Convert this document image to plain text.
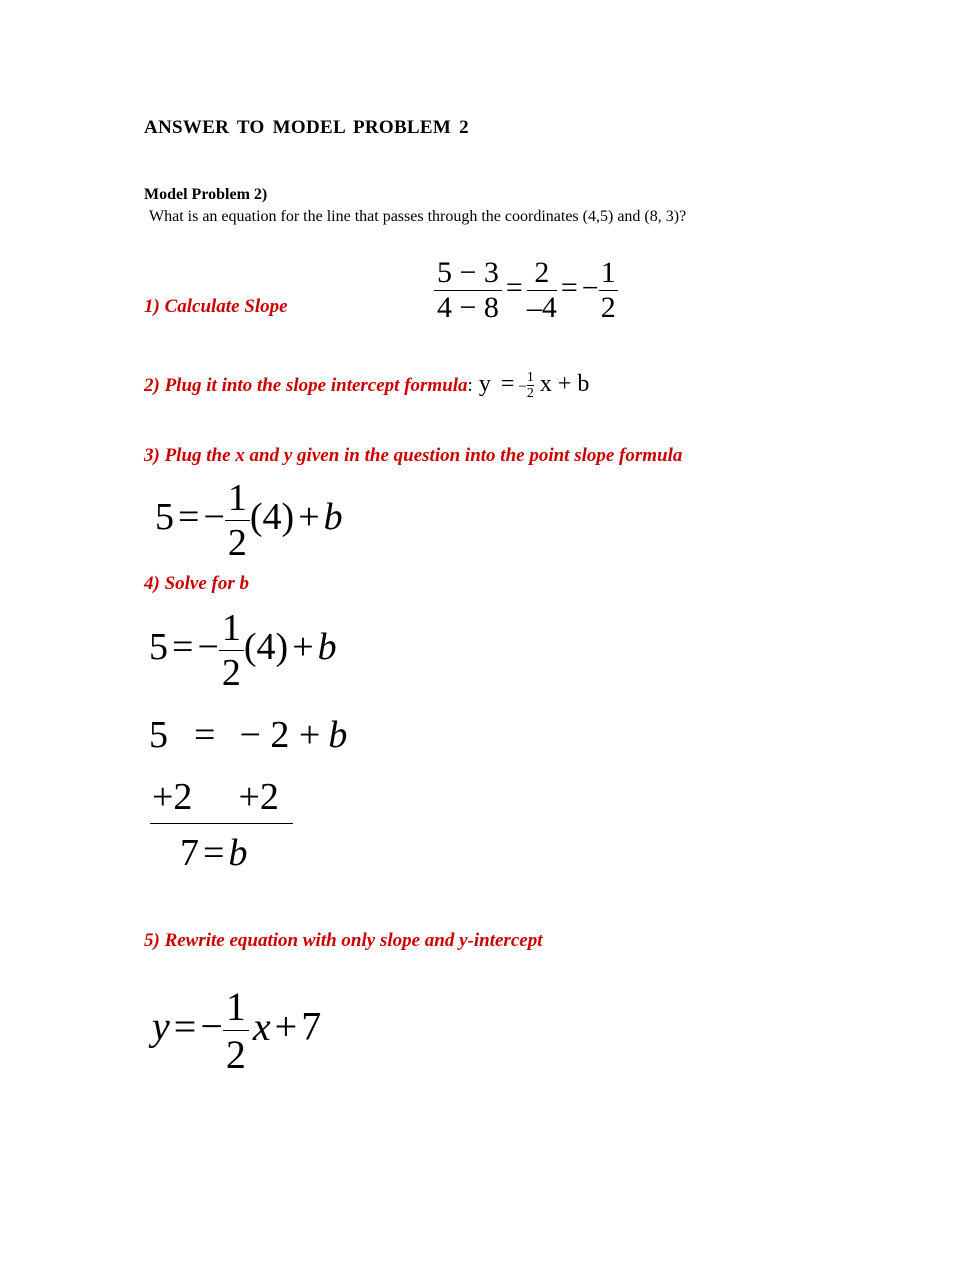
ANSWER TO MODEL PROBLEM 2
Model Problem 2)
What is an equation for the line that passes through the coordinates (4,5) and (8, 3)?
1) Calculate Slope	$\frac{5 - 3}{4 - 8} = \frac{2}{-4}$ = − $\frac{1}{2}$
2) Plug it into the slope intercept formula: y = − $\frac{1}{2}$ x + b
3) Plug the x and y given in the question into the point slope formula
5 = − $\frac{1}{2} (4) + b$
4) Solve for b
5 = − $\frac{1}{2} (4) + b$
5 = − 2 + b
+2 +2
7 = b
5) Rewrite equation with only slope and y-intercept
y = − $\frac{1}{2}$ x + 7
